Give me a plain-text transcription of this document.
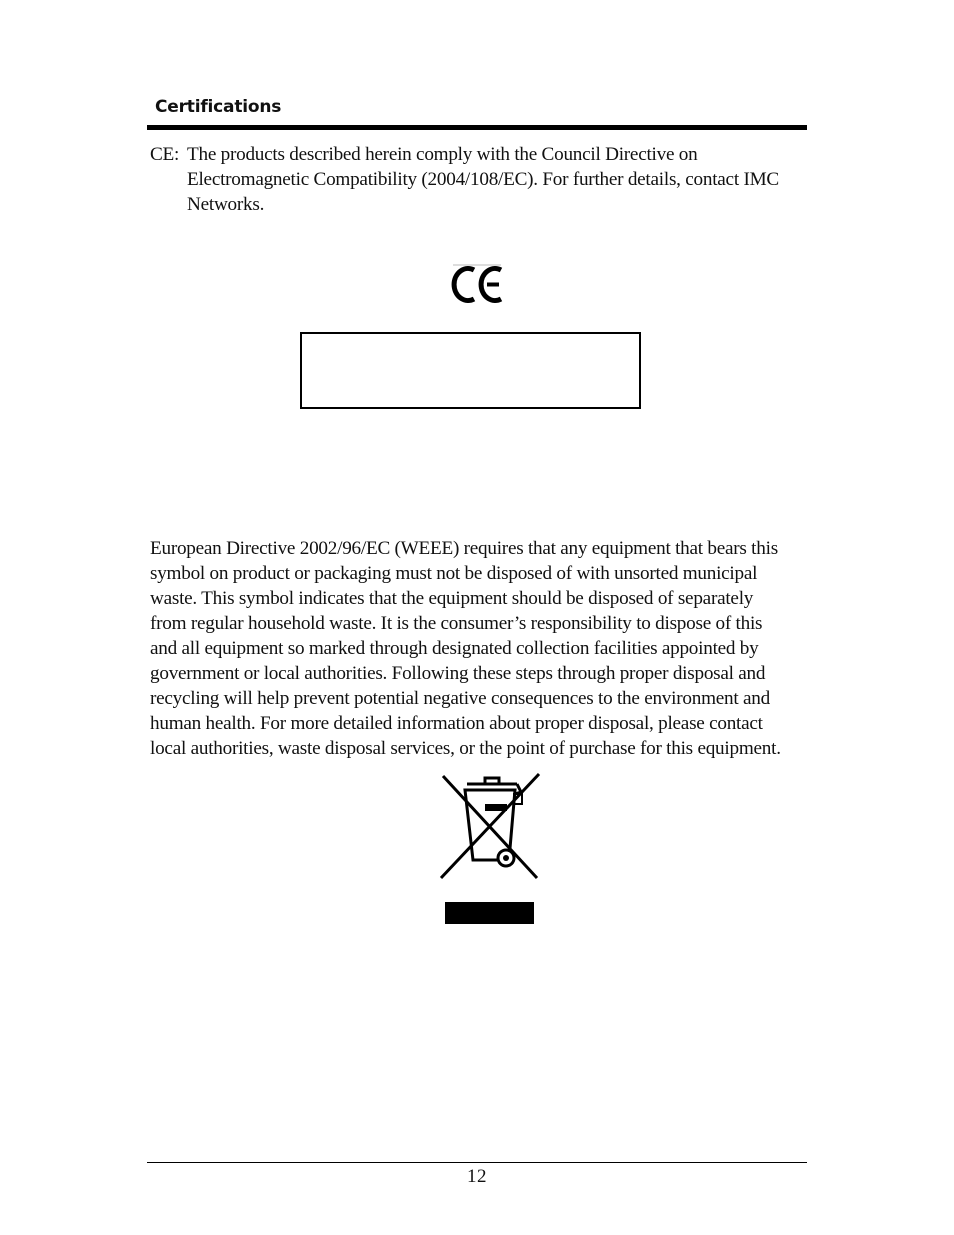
Certifications
CE: The products described herein comply with the Council Directive on
Electromagnetic Compatibility (2004/108/EC). For further details, contact IMC
Networks.
European Directive 2002/96/EC (WEEE) requires that any equipment that bears this
symbol on product or packaging must not be disposed of with unsorted municipal
waste. This symbol indicates that the equipment should be disposed of separately
from regular household waste. It is the consumer’s responsibility to dispose of this
and all equipment so marked through designated collection facilities appointed by
government or local authorities. Following these steps through proper disposal and
recycling will help prevent potential negative consequences to the environment and
human health. For more detailed information about proper disposal, please contact
local authorities, waste disposal services, or the point of purchase for this equipment.
12
